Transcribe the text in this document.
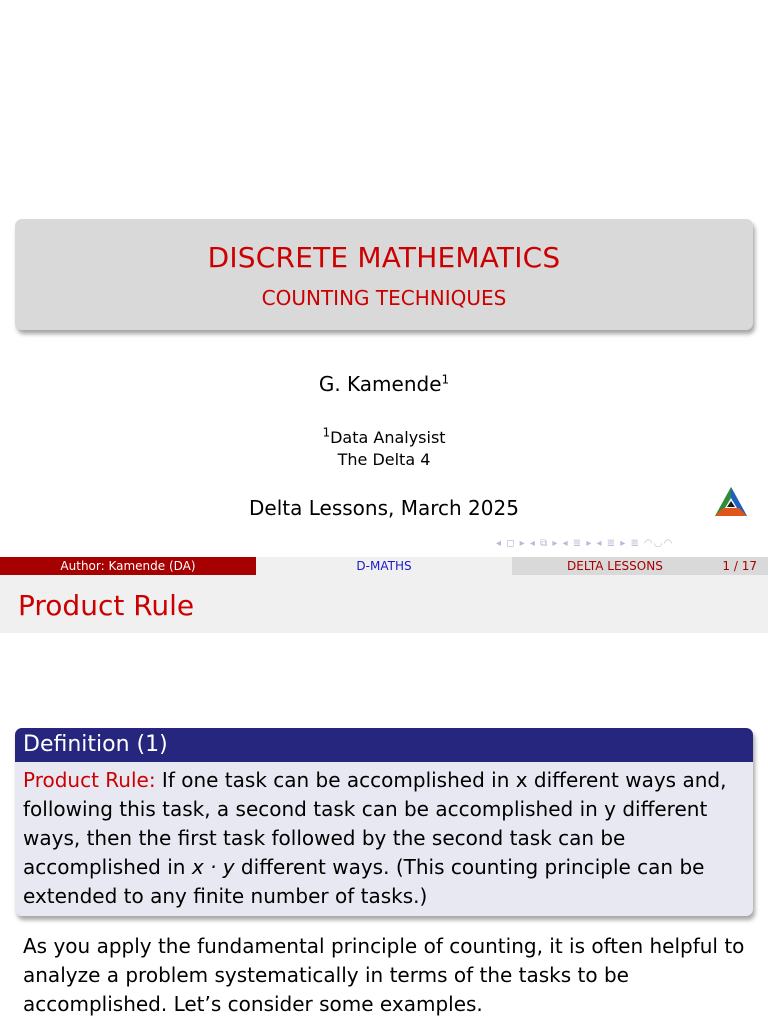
DISCRETE MATHEMATICS
COUNTING TECHNIQUES
G. Kamende$^1$
$^1$Data Analysist
The Delta 4
Delta Lessons, March 2025
◂ ◻ ▸ ◂ ⧉ ▸ ◂ ≣ ▸ ◂ ≣ ▸ ≣ ◠◡◠
Author: Kamende (DA)	D-MATHS	DELTA LESSONS	1 / 17
Product Rule
Definition (1)
Product Rule: If one task can be accomplished in x different ways and, following this task, a second task can be accomplished in y different ways, then the first task followed by the second task can be accomplished in x · y different ways. (This counting principle can be extended to any finite number of tasks.)
As you apply the fundamental principle of counting, it is often helpful to analyze a problem systematically in terms of the tasks to be accomplished. Let’s consider some examples.
